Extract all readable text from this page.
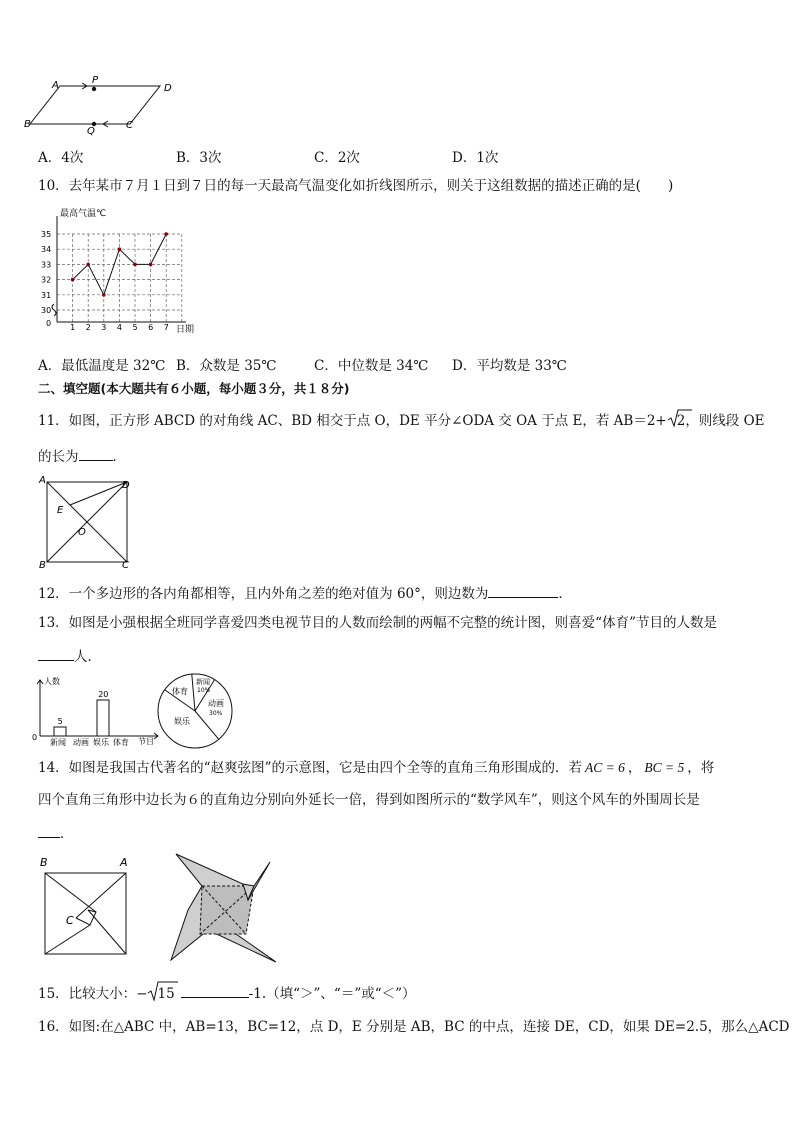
A	P
D
B
Q
C
A．4次	B．3次	C．2次	D．1次
10．去年某市７月１日到７日的每一天最高气温变化如折线图所示，则关于这组数据的描述正确的是(　　)
最高气温℃
日期
0
35
34
33
32
31
30
1 2 3 4 5 6 7
A．最低温度是 32℃ B．众数是 35℃	C．中位数是 34℃ D．平均数是 33℃
二、填空题(本大题共有６小题，每小题３分，共１８分)
11．如图，正方形 ABCD 的对角线 AC、BD 相交于点 O，DE 平分∠ODA 交 OA 于点 E，若 AB＝2+ 2，则线段 OE
的长为	．
A	D
E
O
B	C
12．一个多边形的各内角都相等，且内外角之差的绝对值为 60°，则边数为	．
13．如图是小强根据全班同学喜爱四类电视节目的人数而绘制的两幅不完整的统计图，则喜爱“体育”节目的人数是
人．
人数
节目
0
5
20
新闻 动画 娱乐 体育
体育
新闻
10%
动画
30%
娱乐
14．如图是我国古代著名的“赵爽弦图”的示意图，它是由四个全等的直角三角形围成的．若 AC = 6 ， BC = 5 ，将
四个直角三角形中边长为６的直角边分别向外延长一倍，得到如图所示的“数学风车”，则这个风车的外围周长是
．
B	A
C
15．比较大小：− 15	-1.（填“＞”、“＝”或“＜”）
16．如图:在△ABC 中，AB=13，BC=12，点 D，E 分别是 AB，BC 的中点，连接 DE，CD，如果 DE=2.5，那么△ACD
